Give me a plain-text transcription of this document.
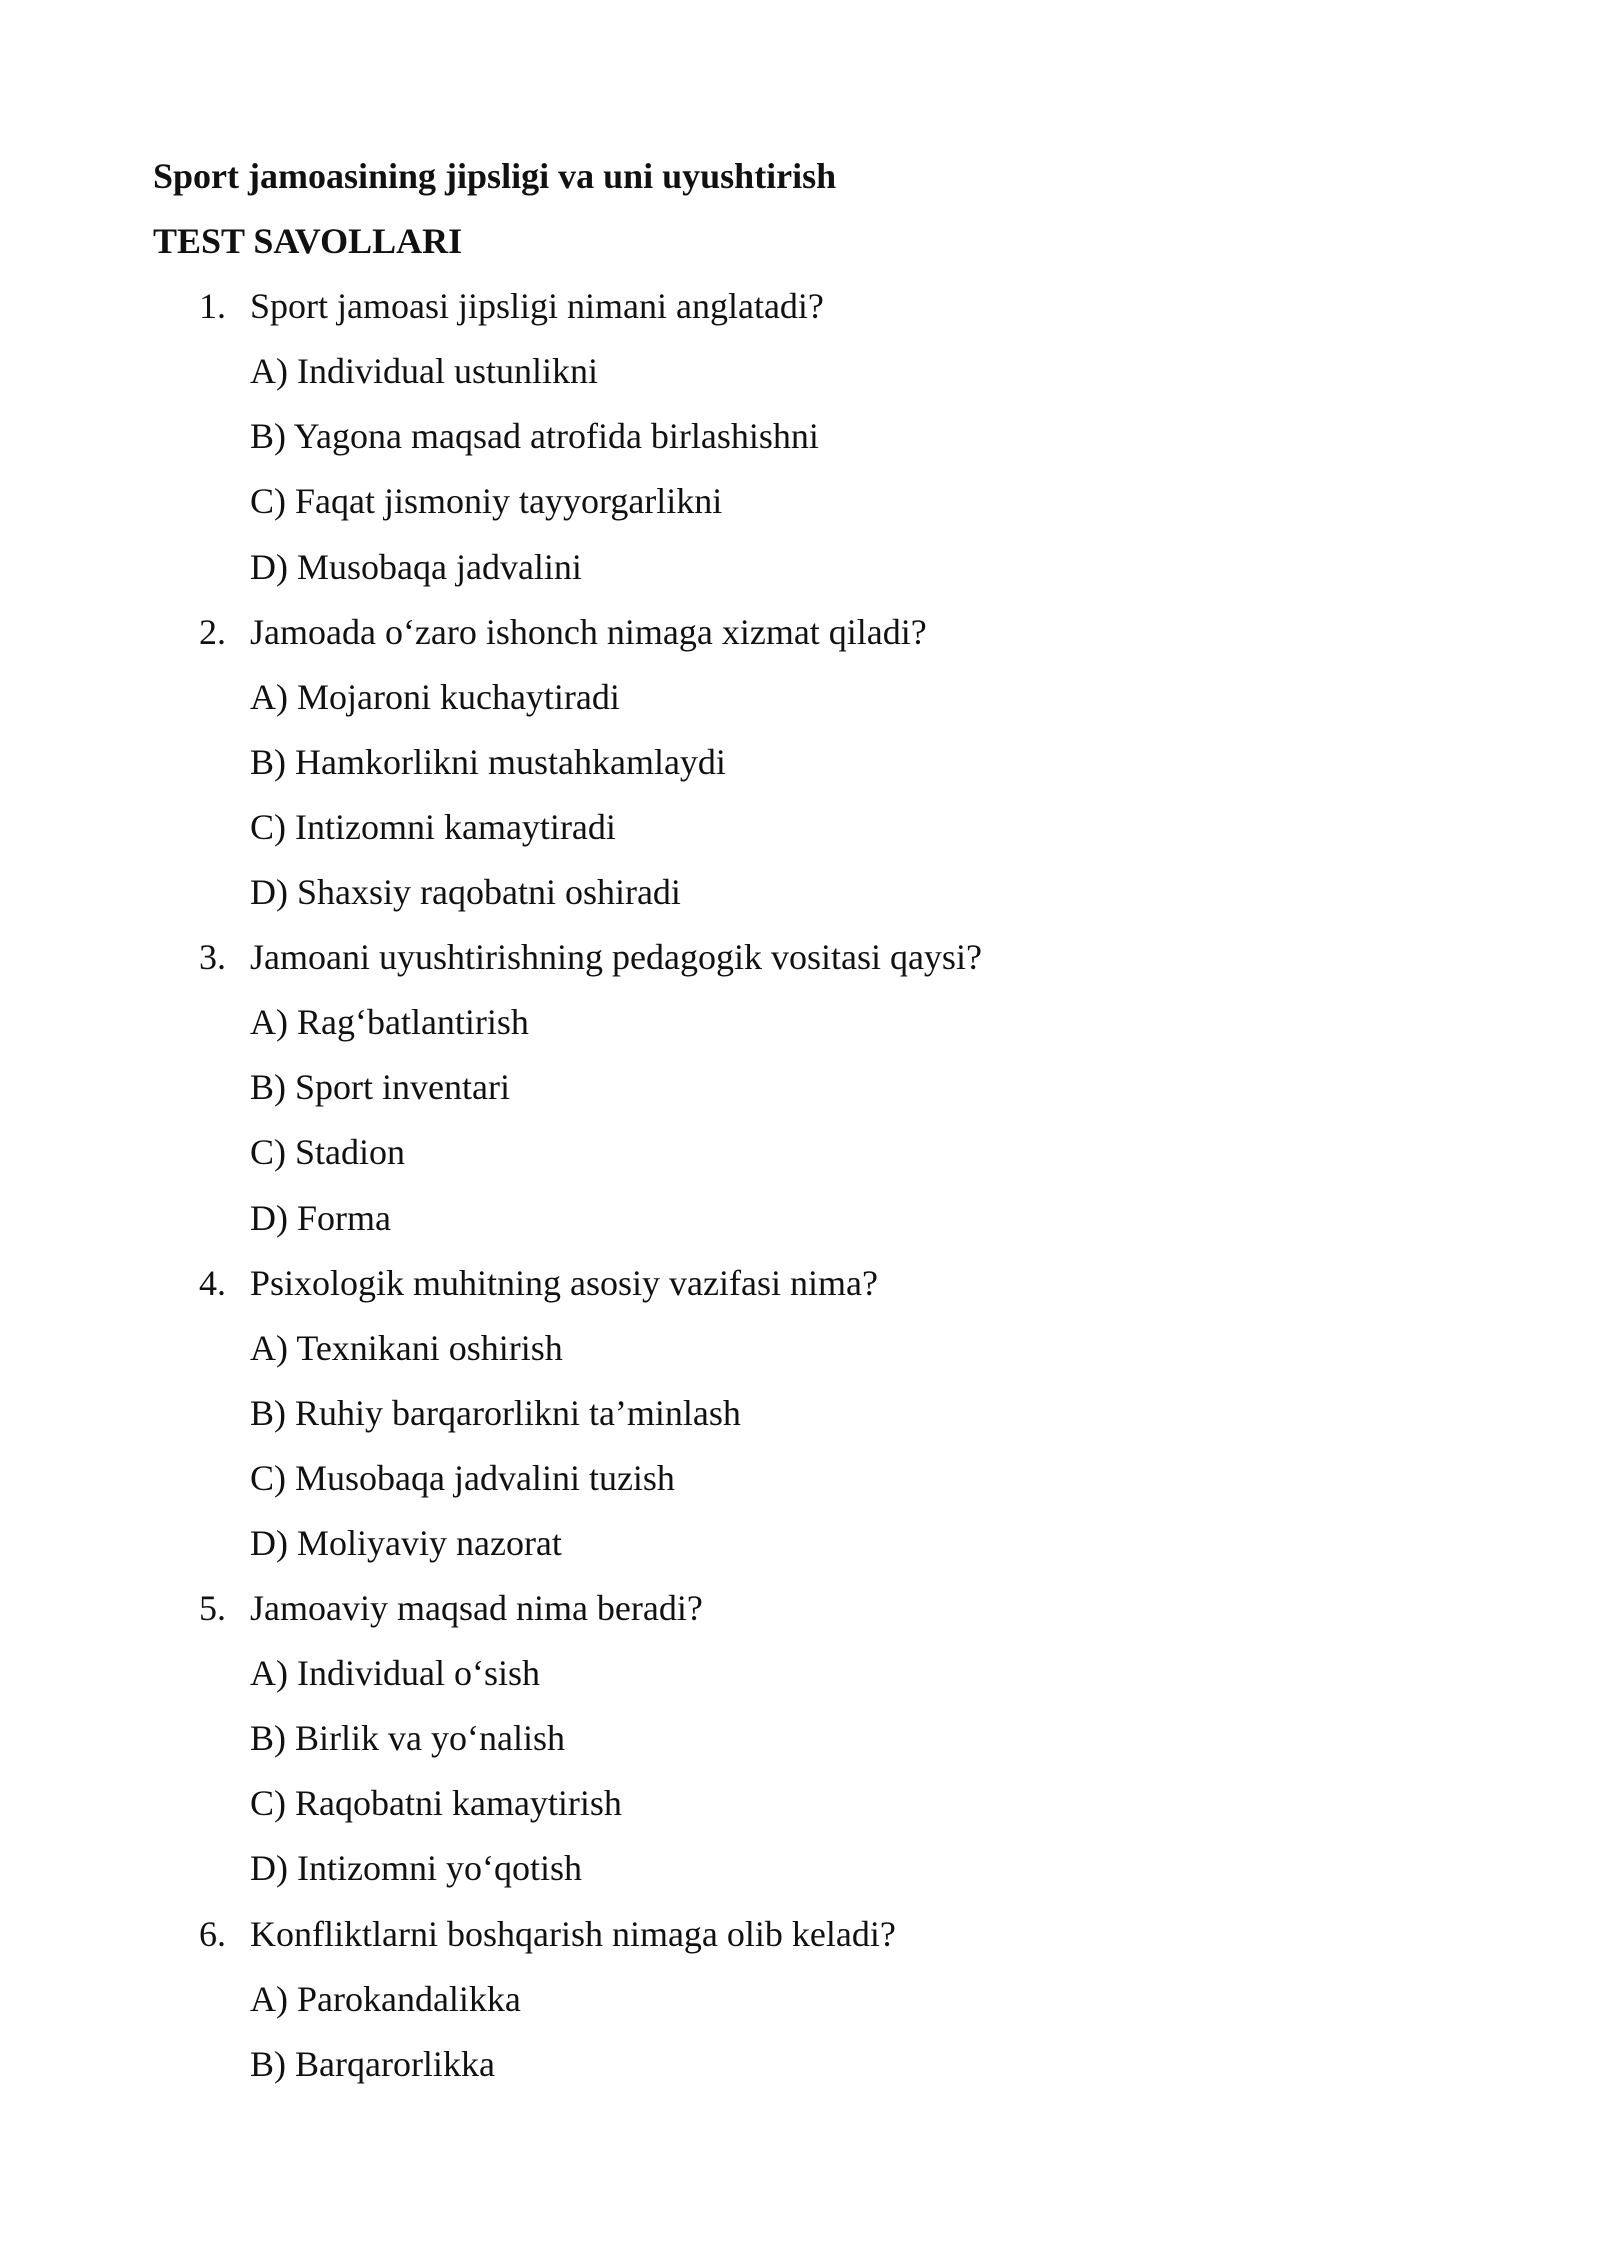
Sport jamoasining jipsligi va uni uyushtirish
TEST SAVOLLARI
1. Sport jamoasi jipsligi nimani anglatadi?
A) Individual ustunlikni
B) Yagona maqsad atrofida birlashishni
C) Faqat jismoniy tayyorgarlikni
D) Musobaqa jadvalini
2. Jamoada o‘zaro ishonch nimaga xizmat qiladi?
A) Mojaroni kuchaytiradi
B) Hamkorlikni mustahkamlaydi
C) Intizomni kamaytiradi
D) Shaxsiy raqobatni oshiradi
3. Jamoani uyushtirishning pedagogik vositasi qaysi?
A) Rag‘batlantirish
B) Sport inventari
C) Stadion
D) Forma
4. Psixologik muhitning asosiy vazifasi nima?
A) Texnikani oshirish
B) Ruhiy barqarorlikni ta’minlash
C) Musobaqa jadvalini tuzish
D) Moliyaviy nazorat
5. Jamoaviy maqsad nima beradi?
A) Individual o‘sish
B) Birlik va yo‘nalish
C) Raqobatni kamaytirish
D) Intizomni yo‘qotish
6. Konfliktlarni boshqarish nimaga olib keladi?
A) Parokandalikka
B) Barqarorlikka
